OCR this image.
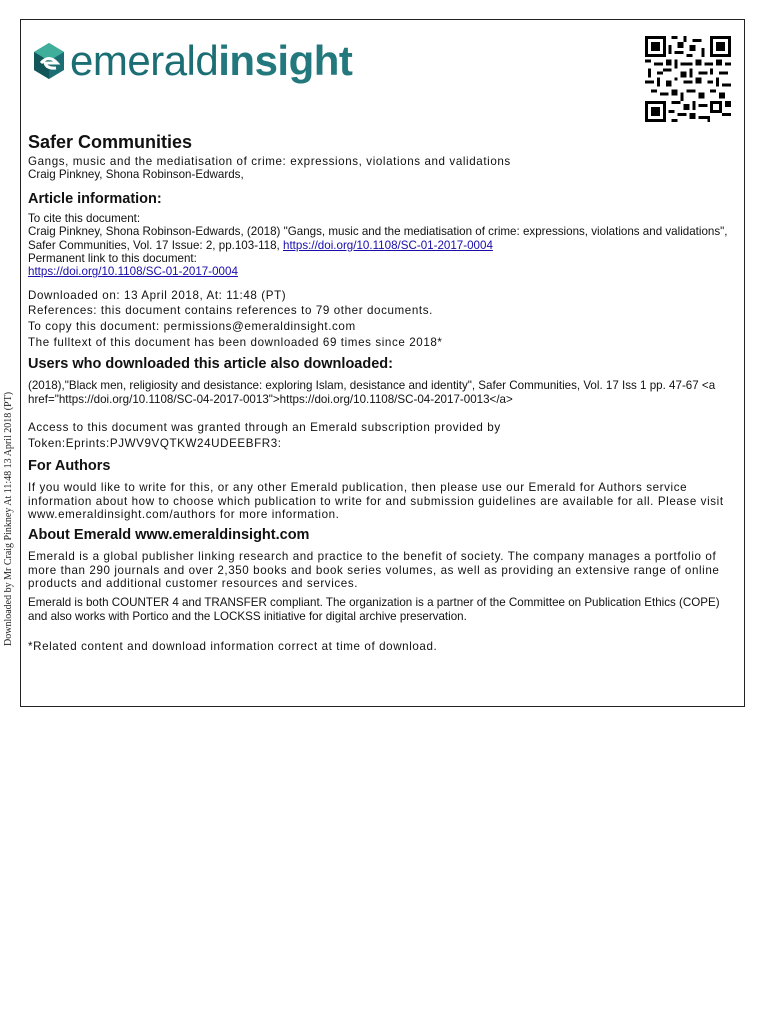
Downloaded by Mr Craig Pinkney At 11:48 13 April 2018 (PT)
emeraldinsight
Safer Communities

Gangs, music and the mediatisation of crime: expressions, violations and validations

Craig Pinkney, Shona Robinson-Edwards,

Article information:

To cite this document:

Craig Pinkney, Shona Robinson-Edwards, (2018) "Gangs, music and the mediatisation of crime: expressions, violations and validations", Safer Communities, Vol. 17 Issue: 2, pp.103-118, https://doi.org/10.1108/SC-01-2017-0004

Permanent link to this document:

https://doi.org/10.1108/SC-01-2017-0004

Downloaded on: 13 April 2018, At: 11:48 (PT)

References: this document contains references to 79 other documents.

To copy this document: permissions@emeraldinsight.com

The fulltext of this document has been downloaded 69 times since 2018*

Users who downloaded this article also downloaded:

(2018),"Black men, religiosity and desistance: exploring Islam, desistance and identity", Safer Communities, Vol. 17 Iss 1 pp. 47-67 <a href="https://doi.org/10.1108/SC-04-2017-0013">https://doi.org/10.1108/SC-04-2017-0013</a>

Access to this document was granted through an Emerald subscription provided by

Token:Eprints:PJWV9VQTKW24UDEEBFR3:

For Authors

If you would like to write for this, or any other Emerald publication, then please use our Emerald for Authors service information about how to choose which publication to write for and submission guidelines are available for all. Please visit www.emeraldinsight.com/authors for more information.

About Emerald www.emeraldinsight.com

Emerald is a global publisher linking research and practice to the benefit of society. The company manages a portfolio of more than 290 journals and over 2,350 books and book series volumes, as well as providing an extensive range of online products and additional customer resources and services.

Emerald is both COUNTER 4 and TRANSFER compliant. The organization is a partner of the Committee on Publication Ethics (COPE) and also works with Portico and the LOCKSS initiative for digital archive preservation.

*Related content and download information correct at time of download.
